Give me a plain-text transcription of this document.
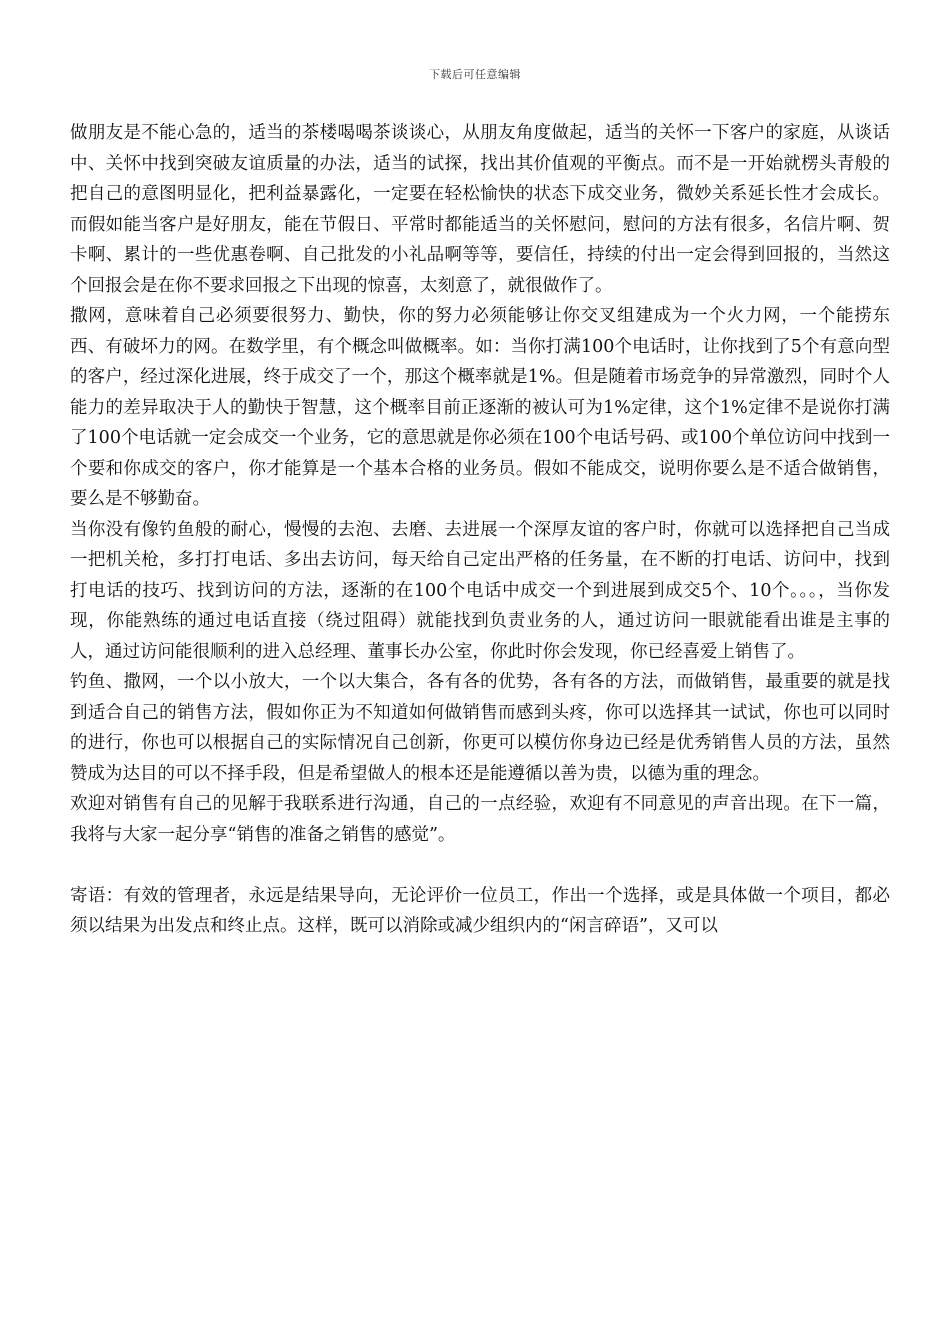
下载后可任意编辑

做朋友是不能心急的，适当的茶楼喝喝茶谈谈心，从朋友角度做起，适当的关怀一下客户的家庭，从谈话中、关怀中找到突破友谊质量的办法，适当的试探，找出其价值观的平衡点。而不是一开始就楞头青般的把自己的意图明显化，把利益暴露化，一定要在轻松愉快的状态下成交业务，微妙关系延长性才会成长。而假如能当客户是好朋友，能在节假日、平常时都能适当的关怀慰问，慰问的方法有很多，名信片啊、贺卡啊、累计的一些优惠卷啊、自己批发的小礼品啊等等，要信任，持续的付出一定会得到回报的，当然这个回报会是在你不要求回报之下出现的惊喜，太刻意了，就很做作了。

撒网，意味着自己必须要很努力、勤快，你的努力必须能够让你交叉组建成为一个火力网，一个能捞东西、有破坏力的网。在数学里，有个概念叫做概率。如：当你打满100个电话时，让你找到了5个有意向型的客户，经过深化进展，终于成交了一个，那这个概率就是1%。但是随着市场竞争的异常激烈，同时个人能力的差异取决于人的勤快于智慧，这个概率目前正逐渐的被认可为1%定律，这个1%定律不是说你打满了100个电话就一定会成交一个业务，它的意思就是你必须在100个电话号码、或100个单位访问中找到一个要和你成交的客户，你才能算是一个基本合格的业务员。假如不能成交，说明你要么是不适合做销售，要么是不够勤奋。

当你没有像钓鱼般的耐心，慢慢的去泡、去磨、去进展一个深厚友谊的客户时，你就可以选择把自己当成一把机关枪，多打打电话、多出去访问，每天给自己定出严格的任务量，在不断的打电话、访问中，找到打电话的技巧、找到访问的方法，逐渐的在100个电话中成交一个到进展到成交5个、10个。。。，当你发现，你能熟练的通过电话直接（绕过阻碍）就能找到负责业务的人，通过访问一眼就能看出谁是主事的人，通过访问能很顺利的进入总经理、董事长办公室，你此时你会发现，你已经喜爱上销售了。

钓鱼、撒网，一个以小放大，一个以大集合，各有各的优势，各有各的方法，而做销售，最重要的就是找到适合自己的销售方法，假如你正为不知道如何做销售而感到头疼，你可以选择其一试试，你也可以同时的进行，你也可以根据自己的实际情况自己创新，你更可以模仿你身边已经是优秀销售人员的方法，虽然赞成为达目的可以不择手段，但是希望做人的根本还是能遵循以善为贵，以德为重的理念。

欢迎对销售有自己的见解于我联系进行沟通，自己的一点经验，欢迎有不同意见的声音出现。在下一篇，我将与大家一起分享“销售的准备之销售的感觉”。

寄语：有效的管理者，永远是结果导向，无论评价一位员工，作出一个选择，或是具体做一个项目，都必须以结果为出发点和终止点。这样，既可以消除或减少组织内的“闲言碎语”，又可以
